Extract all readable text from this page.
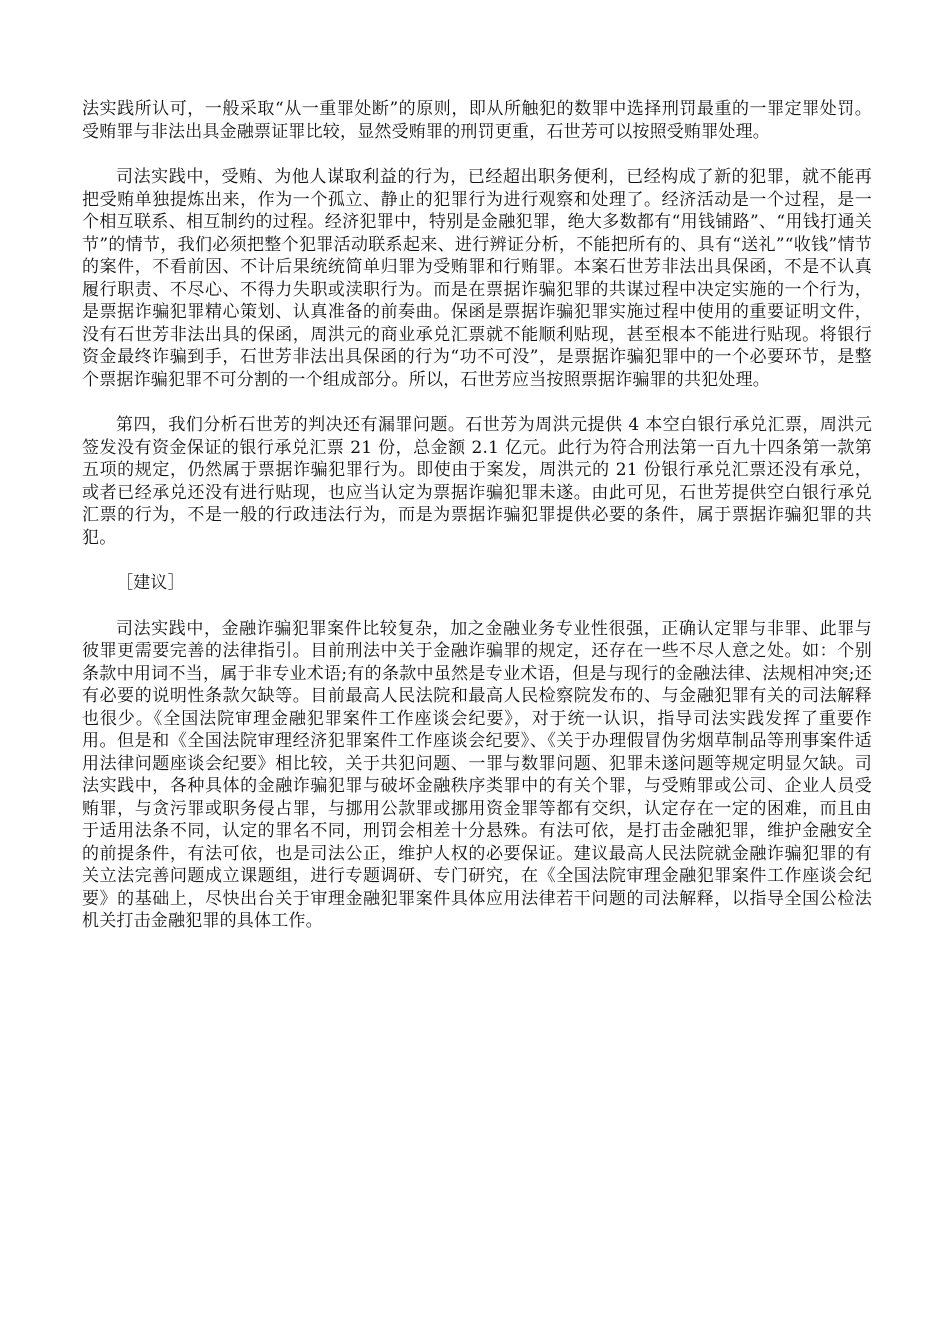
法实践所认可，一般采取“从一重罪处断”的原则，即从所触犯的数罪中选择刑罚最重的一罪定罪处罚。受贿罪与非法出具金融票证罪比较，显然受贿罪的刑罚更重，石世芳可以按照受贿罪处理。

司法实践中，受贿、为他人谋取利益的行为，已经超出职务便利，已经构成了新的犯罪，就不能再把受贿单独提炼出来，作为一个孤立、静止的犯罪行为进行观察和处理了。经济活动是一个过程，是一个相互联系、相互制约的过程。经济犯罪中，特别是金融犯罪，绝大多数都有“用钱铺路”、“用钱打通关节”的情节，我们必须把整个犯罪活动联系起来、进行辨证分析，不能把所有的、具有“送礼”“收钱”情节的案件，不看前因、不计后果统统简单归罪为受贿罪和行贿罪。本案石世芳非法出具保函，不是不认真履行职责、不尽心、不得力失职或渎职行为。而是在票据诈骗犯罪的共谋过程中决定实施的一个行为，是票据诈骗犯罪精心策划、认真准备的前奏曲。保函是票据诈骗犯罪实施过程中使用的重要证明文件，没有石世芳非法出具的保函，周洪元的商业承兑汇票就不能顺利贴现，甚至根本不能进行贴现。将银行资金最终诈骗到手，石世芳非法出具保函的行为“功不可没”，是票据诈骗犯罪中的一个必要环节，是整个票据诈骗犯罪不可分割的一个组成部分。所以，石世芳应当按照票据诈骗罪的共犯处理。

第四，我们分析石世芳的判决还有漏罪问题。石世芳为周洪元提供 4 本空白银行承兑汇票，周洪元签发没有资金保证的银行承兑汇票 21 份，总金额 2.1 亿元。此行为符合刑法第一百九十四条第一款第五项的规定，仍然属于票据诈骗犯罪行为。即使由于案发，周洪元的 21 份银行承兑汇票还没有承兑，或者已经承兑还没有进行贴现，也应当认定为票据诈骗犯罪未遂。由此可见，石世芳提供空白银行承兑汇票的行为，不是一般的行政违法行为，而是为票据诈骗犯罪提供必要的条件，属于票据诈骗犯罪的共犯。

［建议］

司法实践中，金融诈骗犯罪案件比较复杂，加之金融业务专业性很强，正确认定罪与非罪、此罪与彼罪更需要完善的法律指引。目前刑法中关于金融诈骗罪的规定，还存在一些不尽人意之处。如：个别条款中用词不当，属于非专业术语;有的条款中虽然是专业术语，但是与现行的金融法律、法规相冲突;还有必要的说明性条款欠缺等。目前最高人民法院和最高人民检察院发布的、与金融犯罪有关的司法解释也很少。《全国法院审理金融犯罪案件工作座谈会纪要》，对于统一认识，指导司法实践发挥了重要作用。但是和《全国法院审理经济犯罪案件工作座谈会纪要》、《关于办理假冒伪劣烟草制品等刑事案件适用法律问题座谈会纪要》相比较，关于共犯问题、一罪与数罪问题、犯罪未遂问题等规定明显欠缺。司法实践中，各种具体的金融诈骗犯罪与破坏金融秩序类罪中的有关个罪，与受贿罪或公司、企业人员受贿罪，与贪污罪或职务侵占罪，与挪用公款罪或挪用资金罪等都有交织，认定存在一定的困难，而且由于适用法条不同，认定的罪名不同，刑罚会相差十分悬殊。有法可依，是打击金融犯罪，维护金融安全的前提条件，有法可依，也是司法公正，维护人权的必要保证。建议最高人民法院就金融诈骗犯罪的有关立法完善问题成立课题组，进行专题调研、专门研究，在《全国法院审理金融犯罪案件工作座谈会纪要》的基础上，尽快出台关于审理金融犯罪案件具体应用法律若干问题的司法解释，以指导全国公检法机关打击金融犯罪的具体工作。
